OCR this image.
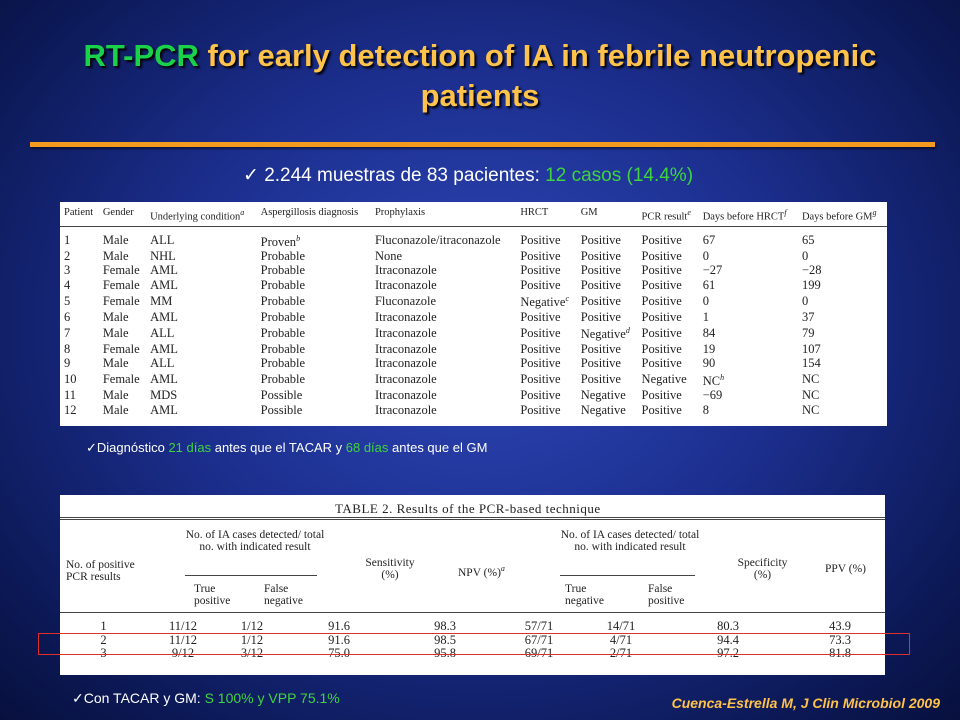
RT-PCR for early detection of IA in febrile neutropenic patients
✓ 2.244 muestras de 83 pacientes: 12 casos (14.4%)
Patient	Gender	Underlying condition$^a$	Aspergillosis diagnosis	Prophylaxis	HRCT	GM	PCR result$^e$	Days before HRCT$^f$	Days before $GM^g$
1	Male	ALL	Proven$^b$	Fluconazole/itraconazole	Positive	Positive	Positive	67	65
2	Male	NHL	Probable	None	Positive	Positive	Positive	0	0
3	Female	AML	Probable	Itraconazole	Positive	Positive	Positive	−27	−28
4	Female	AML	Probable	Itraconazole	Positive	Positive	Positive	61	199
5	Female	MM	Probable	Fluconazole	Negative$^c$	Positive	Positive	0	0
6	Male	AML	Probable	Itraconazole	Positive	Positive	Positive	1	37
7	Male	ALL	Probable	Itraconazole	Positive	Negative$^d$	Positive	84	79
8	Female	AML	Probable	Itraconazole	Positive	Positive	Positive	19	107
9	Male	ALL	Probable	Itraconazole	Positive	Positive	Positive	90	154
10	Female	AML	Probable	Itraconazole	Positive	Positive	Negative	$NC^h$	NC
11	Male	MDS	Possible	Itraconazole	Positive	Negative	Positive	−69	NC
12	Male	AML	Possible	Itraconazole	Positive	Negative	Positive	8	NC
✓Diagnóstico 21 días antes que el TACAR y 68 días antes que el GM
TABLE 2. Results of the PCR-based technique
No. of positive PCR results
No. of IA cases detected/ total no. with indicated result
True positive
False negative
Sensitivity (%)	NPV (%)$^a$
No. of IA cases detected/ total no. with indicated result
True negative
False positive
Specificity (%)	PPV (%)
1	11/12	1/12	91.6	98.3	57/71	14/71	80.3	43.9
2	11/12	1/12	91.6	98.5	67/71	4/71	94.4	73.3
3	9/12	3/12	75.0	95.8	69/71	2/71	97.2	81.8
✓Con TACAR y GM: S 100% y VPP 75.1%	Cuenca-Estrella M, J Clin Microbiol 2009
